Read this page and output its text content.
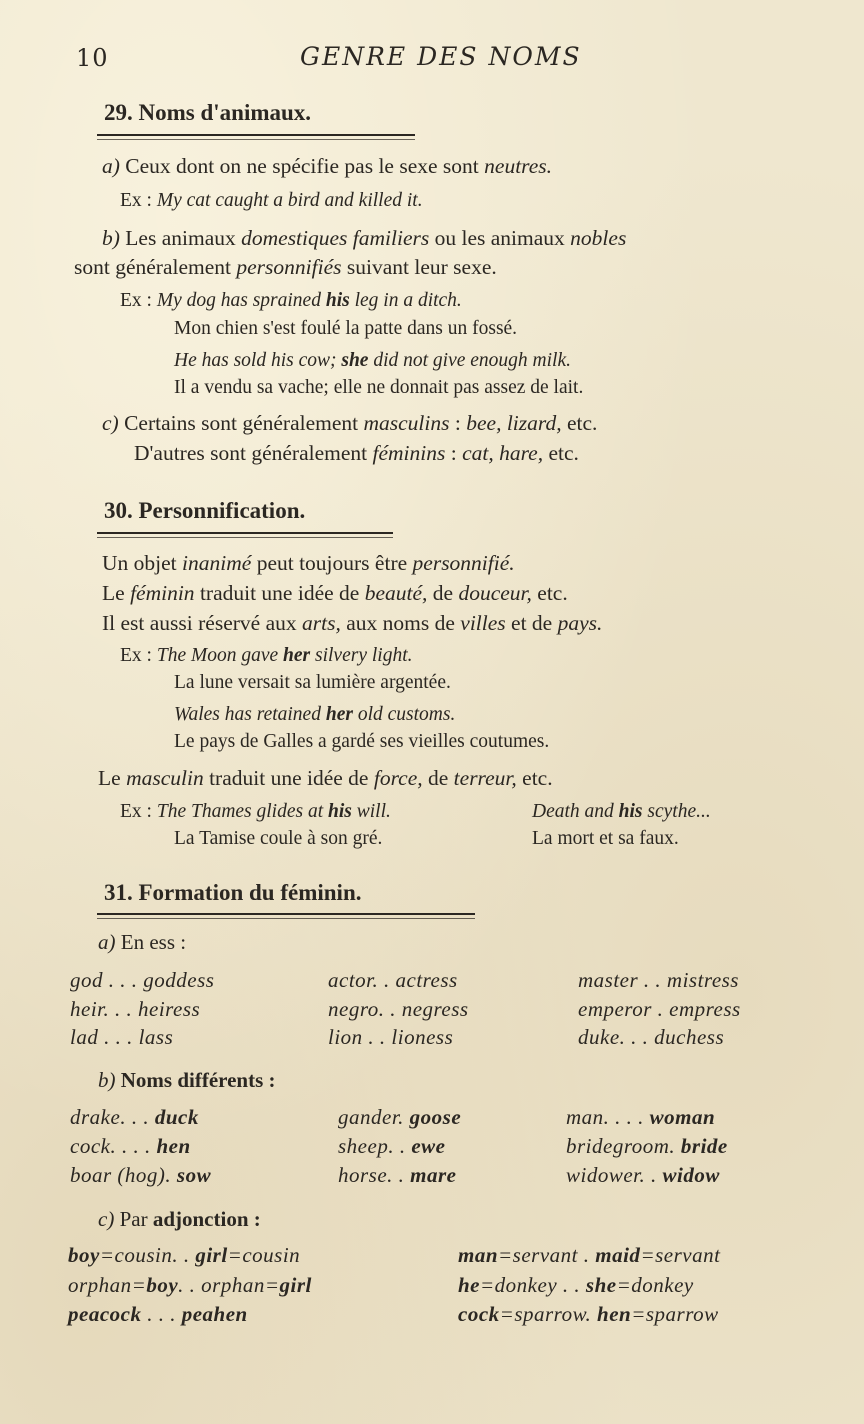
10	GENRE DES NOMS
29. Noms d'animaux.
a) Ceux dont on ne spécifie pas le sexe sont neutres.
Ex : My cat caught a bird and killed it.
b) Les animaux domestiques familiers ou les animaux nobles
sont généralement personnifiés suivant leur sexe.
Ex : My dog has sprained his leg in a ditch.
Mon chien s'est foulé la patte dans un fossé.
He has sold his cow; she did not give enough milk.
Il a vendu sa vache; elle ne donnait pas assez de lait.
c) Certains sont généralement masculins : bee, lizard, etc.
D'autres sont généralement féminins : cat, hare, etc.
30. Personnification.
Un objet inanimé peut toujours être personnifié.
Le féminin traduit une idée de beauté, de douceur, etc.
Il est aussi réservé aux arts, aux noms de villes et de pays.
Ex : The Moon gave her silvery light.
La lune versait sa lumière argentée.
Wales has retained her old customs.
Le pays de Galles a gardé ses vieilles coutumes.
Le masculin traduit une idée de force, de terreur, etc.
Ex : The Thames glides at his will.	Death and his scythe...
La Tamise coule à son gré.	La mort et sa faux.
31. Formation du féminin.
a) En ess :
god . . . goddess	actor. . actress	master . . mistress
heir. . . heiress	negro. . negress	emperor . empress
lad . . . lass	lion . . lioness	duke. . . duchess
b) Noms différents :
drake. . . duck	gander. goose	man. . . . woman
cock. . . . hen	sheep. . ewe	bridegroom. bride
boar (hog). sow	horse. . mare	widower. . widow
c) Par adjonction :
boy=cousin. . girl=cousin	man=servant . maid=servant
orphan=boy. . orphan=girl	he=donkey . . she=donkey
peacock . . . peahen	cock=sparrow. hen=sparrow
